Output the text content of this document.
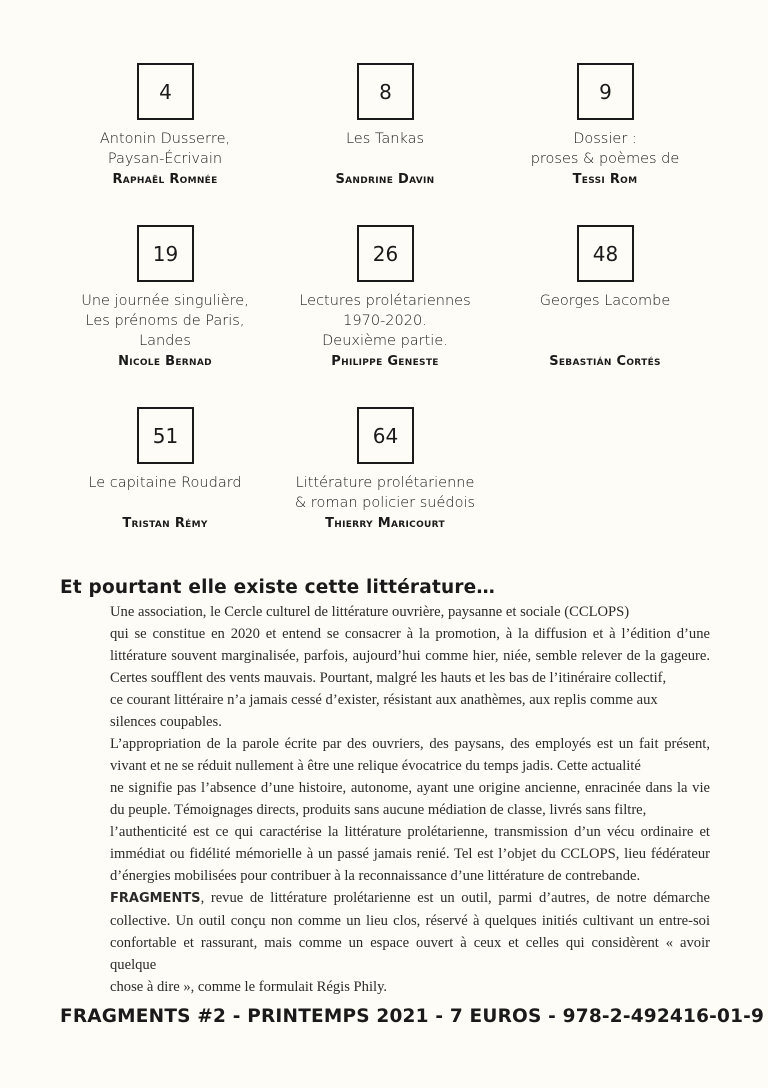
4
Antonin Dusserre,
Paysan-Écrivain
Raphaël Romnée
8
Les Tankas
Sandrine Davin
9
Dossier :
proses & poèmes de
Tessi Rom
19
Une journée singulière,
Les prénoms de Paris,
Landes
Nicole Bernad
26
Lectures prolétariennes
1970-2020.
Deuxième partie.
Philippe Geneste
48
Georges Lacombe
Sebastián Cortés
51
Le capitaine Roudard
Tristan Rémy
64
Littérature prolétarienne
& roman policier suédois
Thierry Maricourt
Et pourtant elle existe cette littérature…
Une association, le Cercle culturel de littérature ouvrière, paysanne et sociale (CCLOPS)
qui se constitue en 2020 et entend se consacrer à la promotion, à la diffusion et à l’édition d’une
littérature souvent marginalisée, parfois, aujourd’hui comme hier, niée, semble relever de la gageure.
Certes soufflent des vents mauvais. Pourtant, malgré les hauts et les bas de l’itinéraire collectif,
ce courant littéraire n’a jamais cessé d’exister, résistant aux anathèmes, aux replis comme aux
silences coupables.
L’appropriation de la parole écrite par des ouvriers, des paysans, des employés est un fait présent,
vivant et ne se réduit nullement à être une relique évocatrice du temps jadis. Cette actualité
ne signifie pas l’absence d’une histoire, autonome, ayant une origine ancienne, enracinée dans la vie
du peuple. Témoignages directs, produits sans aucune médiation de classe, livrés sans filtre,
l’authenticité est ce qui caractérise la littérature prolétarienne, transmission d’un vécu ordinaire et
immédiat ou fidélité mémorielle à un passé jamais renié. Tel est l’objet du CCLOPS, lieu fédérateur
d’énergies mobilisées pour contribuer à la reconnaissance d’une littérature de contrebande.
FRAGMENTS, revue de littérature prolétarienne est un outil, parmi d’autres, de notre démarche
collective. Un outil conçu non comme un lieu clos, réservé à quelques initiés cultivant un entre-soi
confortable et rassurant, mais comme un espace ouvert à ceux et celles qui considèrent « avoir quelque
chose à dire », comme le formulait Régis Phily.
FRAGMENTS #2 - PRINTEMPS 2021 - 7 EUROS - 978-2-492416-01-9
